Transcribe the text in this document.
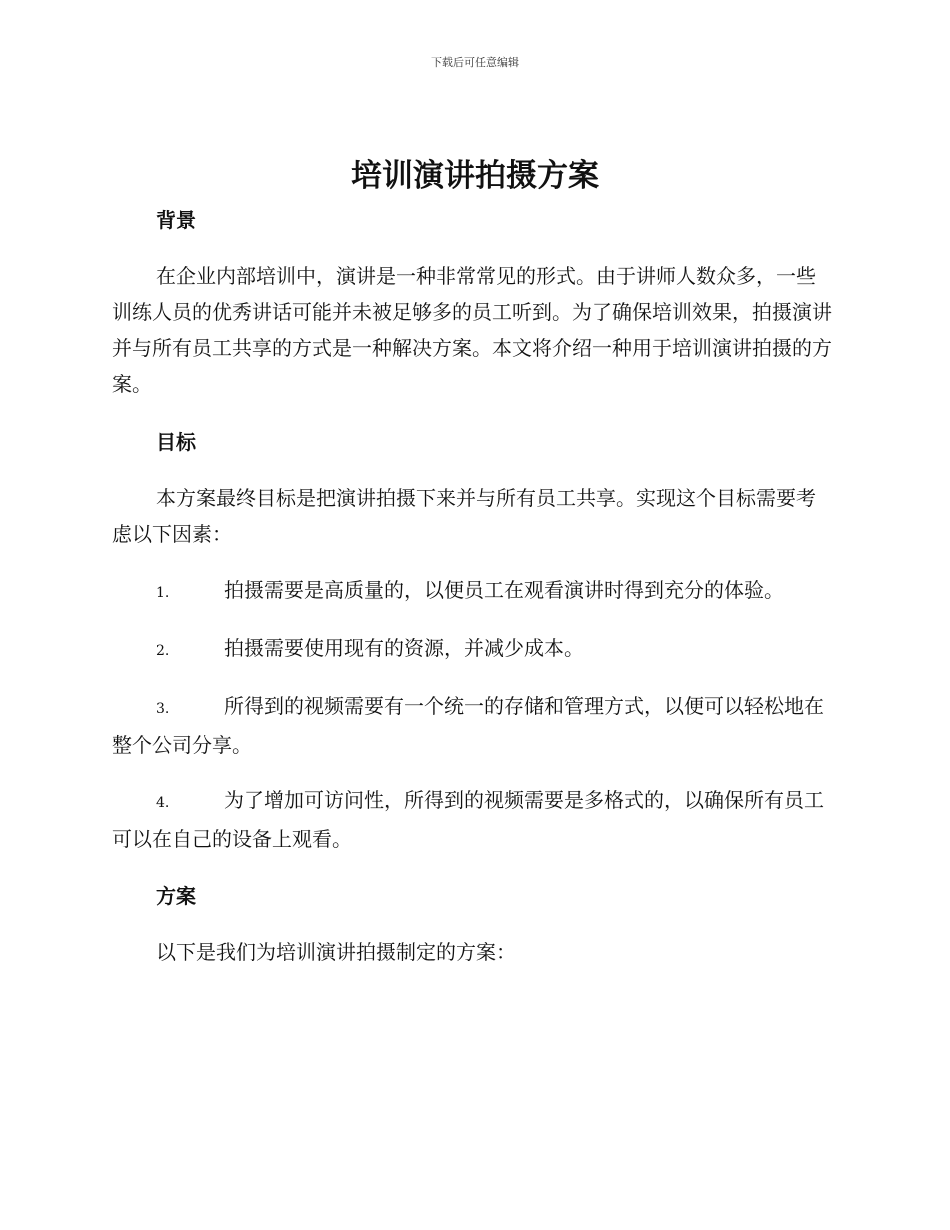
下载后可任意编辑
培训演讲拍摄方案
背景

在企业内部培训中，演讲是一种非常常见的形式。由于讲师人数众多，一些训练人员的优秀讲话可能并未被足够多的员工听到。为了确保培训效果，拍摄演讲并与所有员工共享的方式是一种解决方案。本文将介绍一种用于培训演讲拍摄的方案。

目标

本方案最终目标是把演讲拍摄下来并与所有员工共享。实现这个目标需要考虑以下因素：

1.	拍摄需要是高质量的，以便员工在观看演讲时得到充分的体验。
2.	拍摄需要使用现有的资源，并减少成本。
3.	所得到的视频需要有一个统一的存储和管理方式，以便可以轻松地在整个公司分享。
4.	为了增加可访问性，所得到的视频需要是多格式的，以确保所有员工可以在自己的设备上观看。
方案

以下是我们为培训演讲拍摄制定的方案：
